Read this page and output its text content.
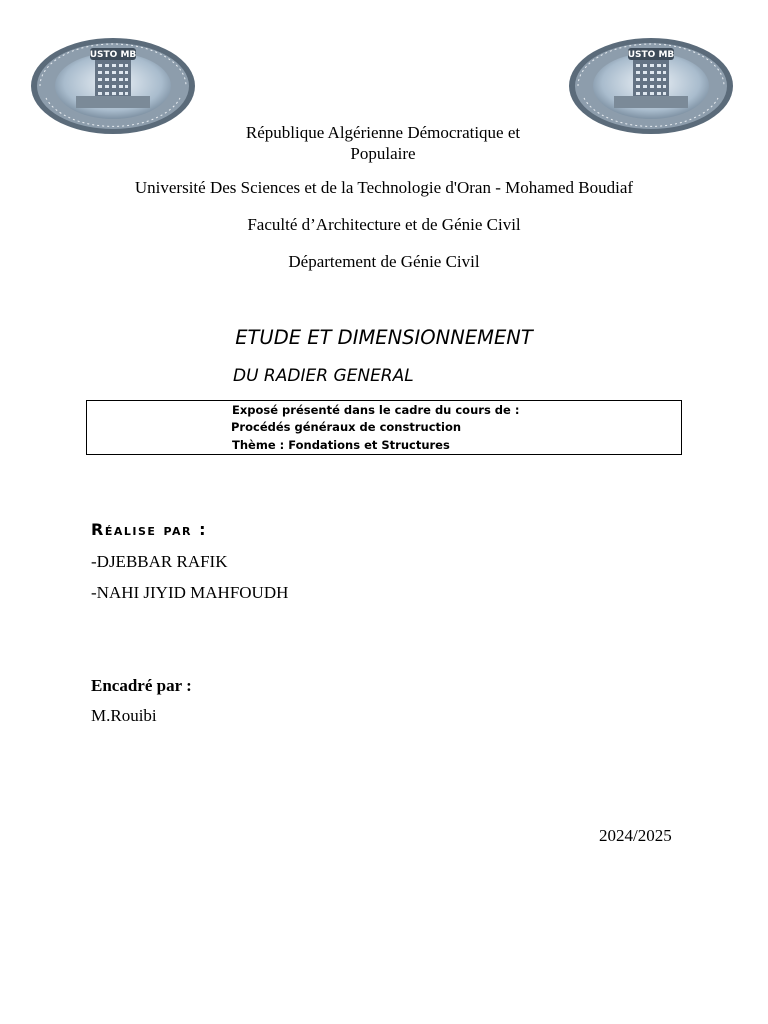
USTO MB	USTO MB
République Algérienne Démocratique et
Populaire
Université Des Sciences et de la Technologie d'Oran - Mohamed Boudiaf
Faculté d’Architecture et de Génie Civil
Département de Génie Civil
ETUDE ET DIMENSIONNEMENT
DU RADIER GENERAL
Exposé présenté dans le cadre du cours de :
Procédés généraux de construction
Thème : Fondations et Structures
Réalise par :
-DJEBBAR RAFIK
-NAHI JIYID MAHFOUDH
Encadré par :
M.Rouibi
2024/2025
